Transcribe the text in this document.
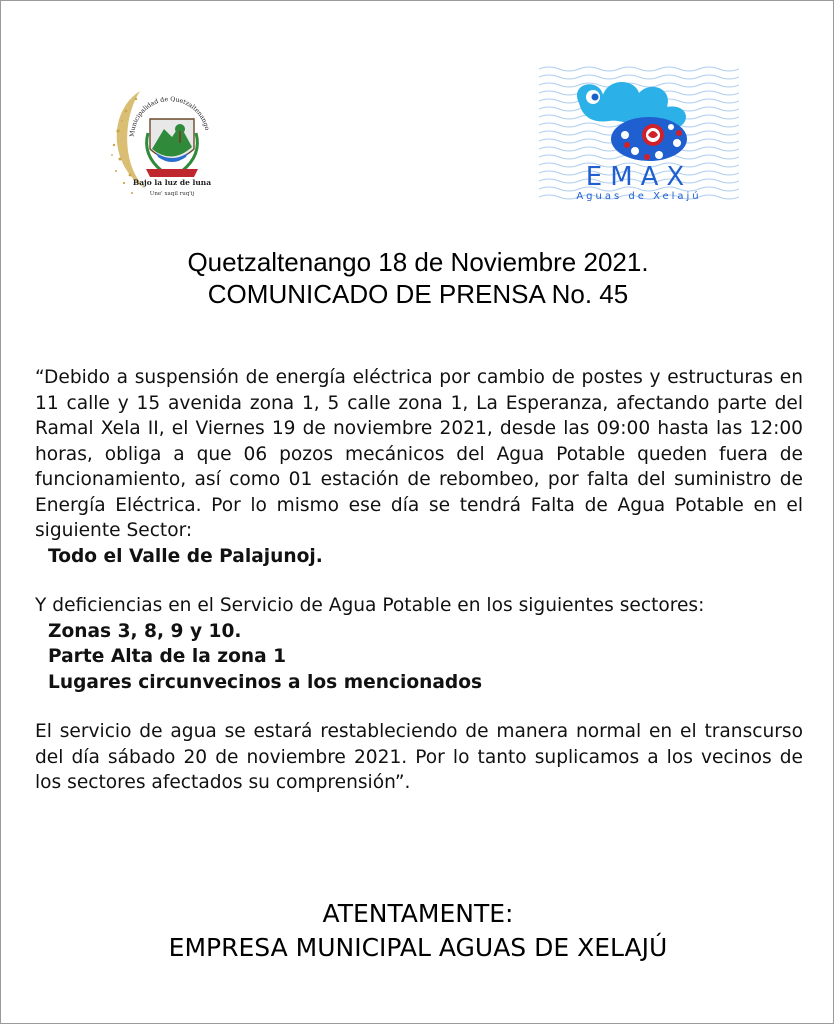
Municipalidad de Quetzaltenango
Bajo la luz de luna
Une' xaqil ruq'ij
EMAX
Aguas de Xelajú
Quetzaltenango 18 de Noviembre 2021.
COMUNICADO DE PRENSA No. 45

“Debido a suspensión de energía eléctrica por cambio de postes y estructuras en 11 calle y 15 avenida zona 1, 5 calle zona 1, La Esperanza, afectando parte del Ramal Xela II, el Viernes 19 de noviembre 2021, desde las 09:00 hasta las 12:00 horas, obliga a que 06 pozos mecánicos del Agua Potable queden fuera de funcionamiento, así como 01 estación de rebombeo, por falta del suministro de Energía Eléctrica. Por lo mismo ese día se tendrá Falta de Agua Potable en el siguiente Sector:

Todo el Valle de Palajunoj.

Y deficiencias en el Servicio de Agua Potable en los siguientes sectores:

Zonas 3, 8, 9 y 10.
Parte Alta de la zona 1
Lugares circunvecinos a los mencionados

El servicio de agua se estará restableciendo de manera normal en el transcurso del día sábado 20 de noviembre 2021. Por lo tanto suplicamos a los vecinos de los sectores afectados su comprensión”.

ATENTAMENTE:
EMPRESA MUNICIPAL AGUAS DE XELAJÚ
